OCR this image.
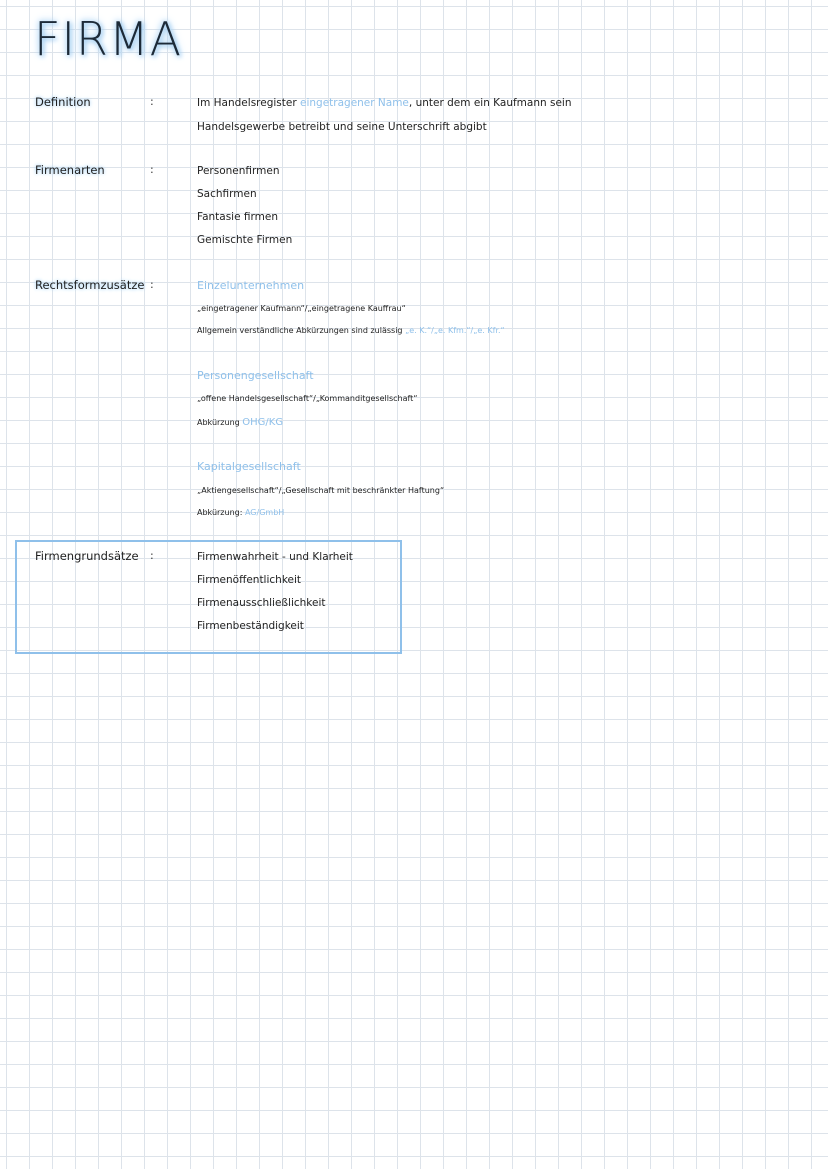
FIRMA
Definition	:	Im Handelsregister eingetragener Name, unter dem ein Kaufmann sein
Handelsgewerbe betreibt und seine Unterschrift abgibt
Firmenarten	:	Personenfirmen
Sachfirmen
Fantasie firmen
Gemischte Firmen
Rechtsformzusätze :	Einzelunternehmen
„eingetragener Kaufmann“/„eingetragene Kauffrau“
Allgemein verständliche Abkürzungen sind zulässig „e. K.“/„e. Kfm.“/„e. Kfr.“
Personengesellschaft
„offene Handelsgesellschaft“/„Kommanditgesellschaft“
Abkürzung OHG/KG
Kapitalgesellschaft
„Aktiengesellschaft“/„Gesellschaft mit beschränkter Haftung“
Abkürzung: AG/GmbH
Firmengrundsätze :	Firmenwahrheit - und Klarheit
Firmenöffentlichkeit
Firmenausschließlichkeit
Firmenbeständigkeit
